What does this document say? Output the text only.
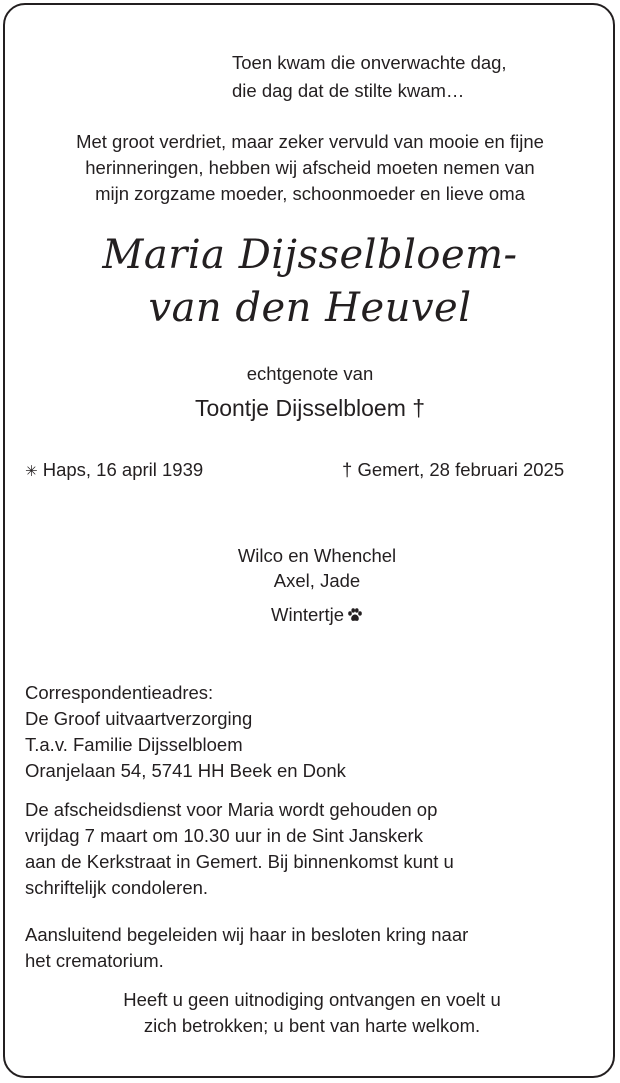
Toen kwam die onverwachte dag,
die dag dat de stilte kwam…
Met groot verdriet, maar zeker vervuld van mooie en fijne
herinneringen, hebben wij afscheid moeten nemen van
mijn zorgzame moeder, schoonmoeder en lieve oma
Maria Dijsselbloem-
van den Heuvel
echtgenote van
Toontje Dijsselbloem †
✳ Haps, 16 april 1939	† Gemert, 28 februari 2025
Wilco en Whenchel
Axel, Jade
Wintertje
Correspondentieadres:
De Groof uitvaartverzorging
T.a.v. Familie Dijsselbloem
Oranjelaan 54, 5741 HH Beek en Donk
De afscheidsdienst voor Maria wordt gehouden op
vrijdag 7 maart om 10.30 uur in de Sint Janskerk
aan de Kerkstraat in Gemert. Bij binnenkomst kunt u
schriftelijk condoleren.
Aansluitend begeleiden wij haar in besloten kring naar
het crematorium.
Heeft u geen uitnodiging ontvangen en voelt u
zich betrokken; u bent van harte welkom.
